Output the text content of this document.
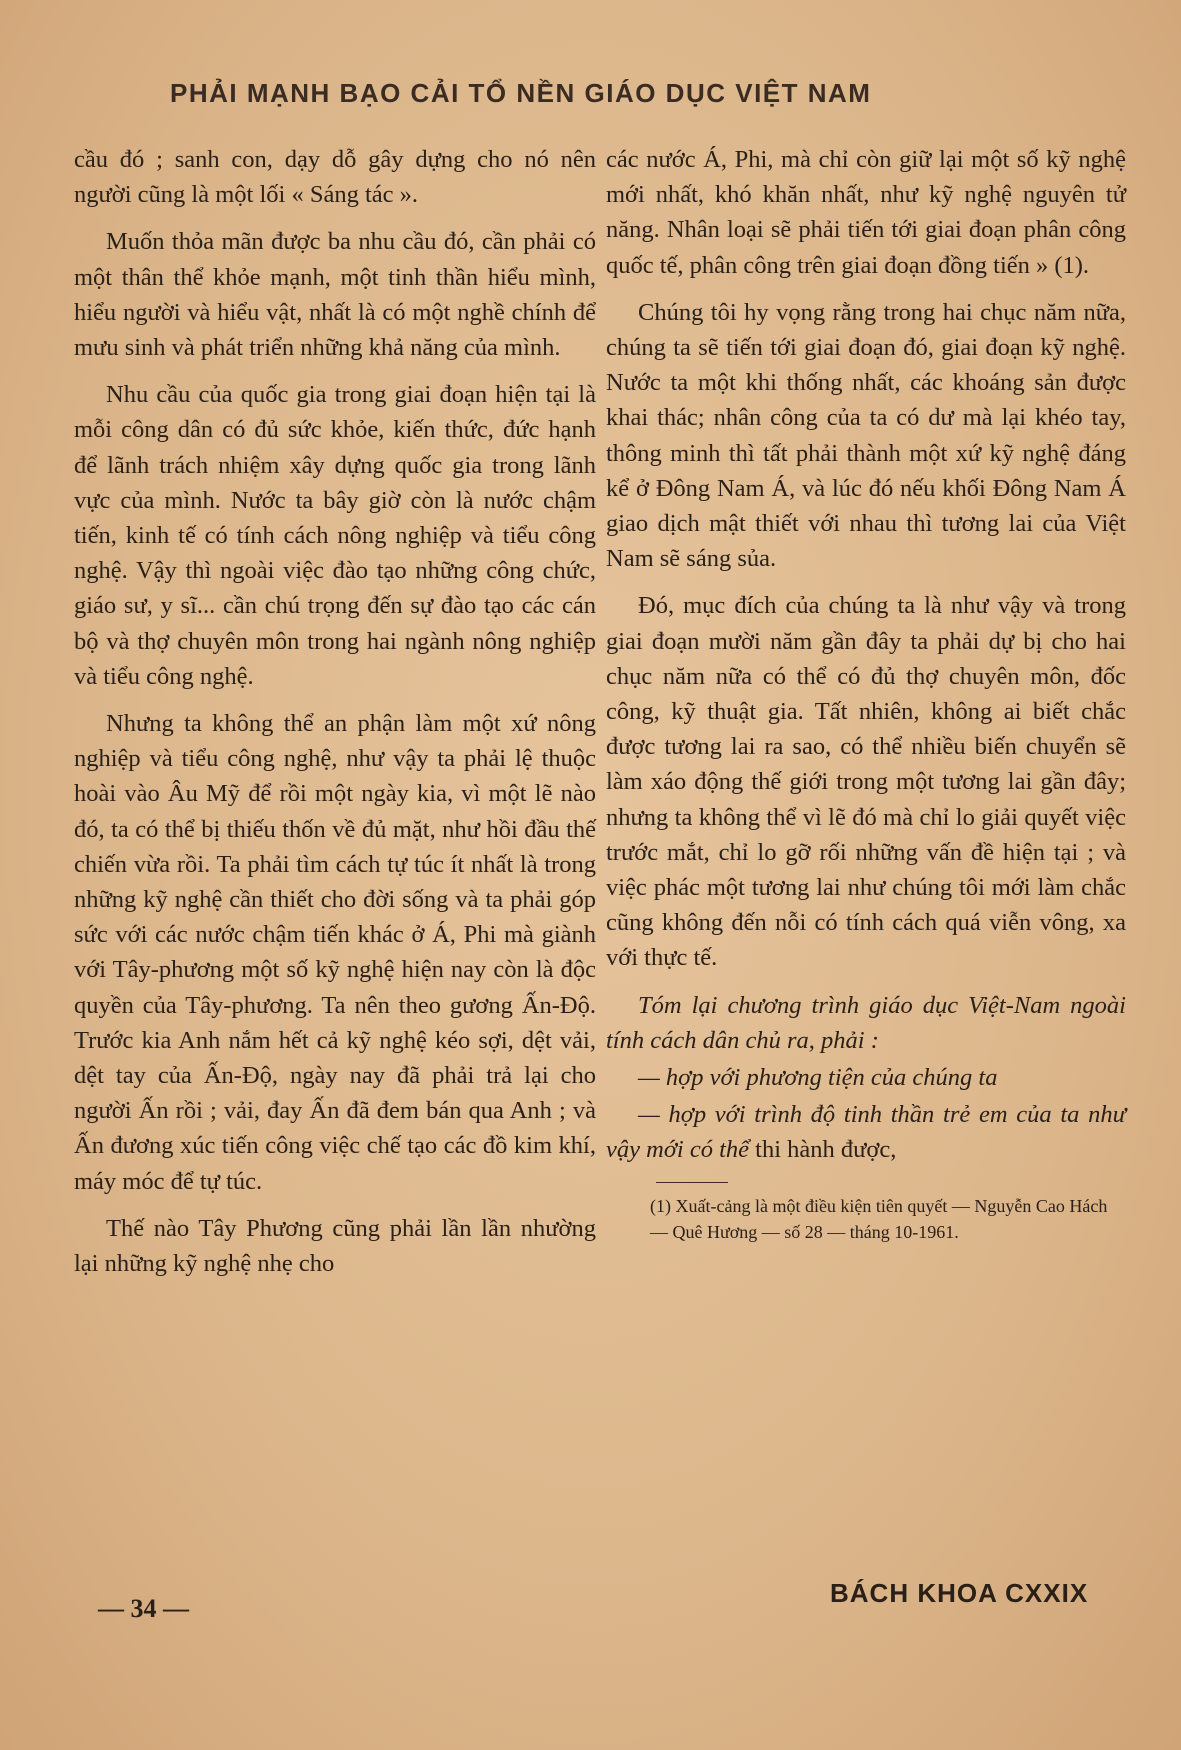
PHẢI MẠNH BẠO CẢI TỔ NỀN GIÁO DỤC VIỆT NAM

cầu đó ; sanh con, dạy dỗ gây dựng cho nó nên người cũng là một lối « Sáng tác ».

Muốn thỏa mãn được ba nhu cầu đó, cần phải có một thân thể khỏe mạnh, một tinh thần hiểu mình, hiểu người và hiểu vật, nhất là có một nghề chính để mưu sinh và phát triển những khả năng của mình.

Nhu cầu của quốc gia trong giai đoạn hiện tại là mỗi công dân có đủ sức khỏe, kiến thức, đức hạnh để lãnh trách nhiệm xây dựng quốc gia trong lãnh vực của mình. Nước ta bây giờ còn là nước chậm tiến, kinh tế có tính cách nông nghiệp và tiểu công nghệ. Vậy thì ngoài việc đào tạo những công chức, giáo sư, y sĩ... cần chú trọng đến sự đào tạo các cán bộ và thợ chuyên môn trong hai ngành nông nghiệp và tiểu công nghệ.

Nhưng ta không thể an phận làm một xứ nông nghiệp và tiểu công nghệ, như vậy ta phải lệ thuộc hoài vào Âu Mỹ để rồi một ngày kia, vì một lẽ nào đó, ta có thể bị thiếu thốn về đủ mặt, như hồi đầu thế chiến vừa rồi. Ta phải tìm cách tự túc ít nhất là trong những kỹ nghệ cần thiết cho đời sống và ta phải góp sức với các nước chậm tiến khác ở Á, Phi mà giành với Tây-phương một số kỹ nghệ hiện nay còn là độc quyền của Tây-phương. Ta nên theo gương Ấn-Độ. Trước kia Anh nắm hết cả kỹ nghệ kéo sợi, dệt vải, dệt tay của Ấn-Độ, ngày nay đã phải trả lại cho người Ấn rồi ; vải, đay Ấn đã đem bán qua Anh ; và Ấn đương xúc tiến công việc chế tạo các đồ kim khí, máy móc để tự túc.

Thế nào Tây Phương cũng phải lần lần nhường lại những kỹ nghệ nhẹ cho

các nước Á, Phi, mà chỉ còn giữ lại một số kỹ nghệ mới nhất, khó khăn nhất, như kỹ nghệ nguyên tử năng. Nhân loại sẽ phải tiến tới giai đoạn phân công quốc tế, phân công trên giai đoạn đồng tiến » (1).

Chúng tôi hy vọng rằng trong hai chục năm nữa, chúng ta sẽ tiến tới giai đoạn đó, giai đoạn kỹ nghệ. Nước ta một khi thống nhất, các khoáng sản được khai thác; nhân công của ta có dư mà lại khéo tay, thông minh thì tất phải thành một xứ kỹ nghệ đáng kể ở Đông Nam Á, và lúc đó nếu khối Đông Nam Á giao dịch mật thiết với nhau thì tương lai của Việt Nam sẽ sáng sủa.

Đó, mục đích của chúng ta là như vậy và trong giai đoạn mười năm gần đây ta phải dự bị cho hai chục năm nữa có thể có đủ thợ chuyên môn, đốc công, kỹ thuật gia. Tất nhiên, không ai biết chắc được tương lai ra sao, có thể nhiều biến chuyển sẽ làm xáo động thế giới trong một tương lai gần đây; nhưng ta không thể vì lẽ đó mà chỉ lo giải quyết việc trước mắt, chỉ lo gỡ rối những vấn đề hiện tại ; và việc phác một tương lai như chúng tôi mới làm chắc cũng không đến nỗi có tính cách quá viễn vông, xa với thực tế.

Tóm lại chương trình giáo dục Việt-Nam ngoài tính cách dân chủ ra, phải :

— hợp với phương tiện của chúng ta

— hợp với trình độ tinh thần trẻ em của ta như vậy mới có thể thi hành được,

(1) Xuất-cảng là một điều kiện tiên quyết — Nguyễn Cao Hách — Quê Hương — số 28 — tháng 10-1961.

— 34 —
BÁCH KHOA CXXIX
